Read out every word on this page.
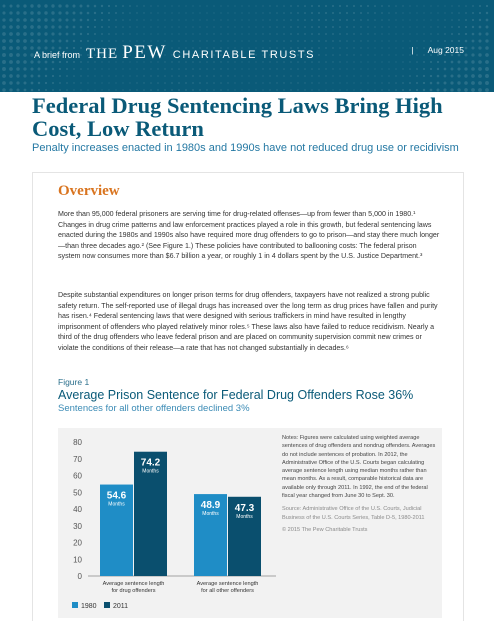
A brief from THE PEW CHARITABLE TRUSTS	| Aug 2015
Federal Drug Sentencing Laws Bring High Cost, Low Return
Penalty increases enacted in 1980s and 1990s have not reduced drug use or recidivism
Overview

More than 95,000 federal prisoners are serving time for drug-related offenses—up from fewer than 5,000 in 1980.¹ Changes in drug crime patterns and law enforcement practices played a role in this growth, but federal sentencing laws enacted during the 1980s and 1990s also have required more drug offenders to go to prison—and stay there much longer—than three decades ago.² (See Figure 1.) These policies have contributed to ballooning costs: The federal prison system now consumes more than $6.7 billion a year, or roughly 1 in 4 dollars spent by the U.S. Justice Department.³

Despite substantial expenditures on longer prison terms for drug offenders, taxpayers have not realized a strong public safety return. The self-reported use of illegal drugs has increased over the long term as drug prices have fallen and purity has risen.⁴ Federal sentencing laws that were designed with serious traffickers in mind have resulted in lengthy imprisonment of offenders who played relatively minor roles.⁵ These laws also have failed to reduce recidivism. Nearly a third of the drug offenders who leave federal prison and are placed on community supervision commit new crimes or violate the conditions of their release—a rate that has not changed substantially in decades.⁶

Figure 1
Average Prison Sentence for Federal Drug Offenders Rose 36%
Sentences for all other offenders declined 3%
0
10
20
30
40
50
60
70
80
54.6
Months
74.2
Months
Average sentence length
for drug offenders
48.9
Months
47.3
Months
Average sentence length
for all other offenders
1980 2011
Notes: Figures were calculated using weighted average sentences of drug offenders and nondrug offenders. Averages do not include sentences of probation. In 2012, the Administrative Office of the U.S. Courts began calculating average sentence length using median months rather than mean months. As a result, comparable historical data are available only through 2011. In 1992, the end of the federal fiscal year changed from June 30 to Sept. 30.
Source: Administrative Office of the U.S. Courts, Judicial Business of the U.S. Courts Series, Table D-5, 1980-2011
© 2015 The Pew Charitable Trusts
